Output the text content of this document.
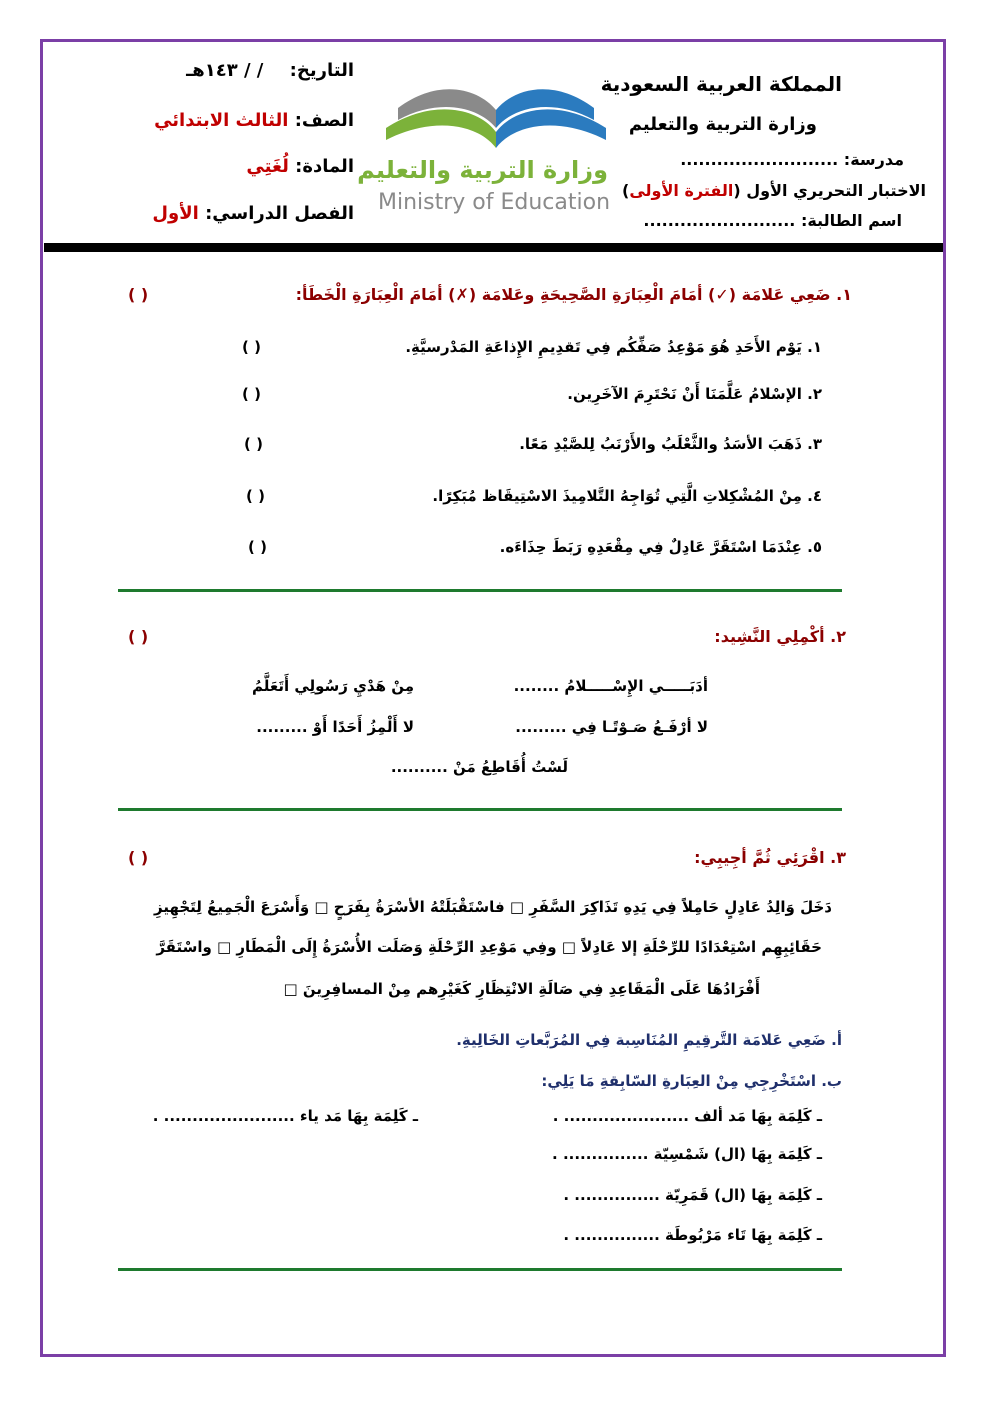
المملكة العربية السعودية
وزارة التربية والتعليم
مدرسة: ..........................
الاختبار التحريري الأول (الفترة الأولى)
اسم الطالبة: .........................
وزارة التربية والتعليم
Ministry of Education
التاريخ: / / ١٤٣هـ
الصف: الثالث الابتدائي
المادة: لُغَتِي
الفصل الدراسي: الأول
١. ضَعِي عَلامَة (✓) أمَامَ الْعِبَارَةِ الصَّحِيحَةِ وعَلامَة (✗) أمَامَ الْعِبَارَةِ الْخَطَأ:
( )
١. يَوْم الأَحَدِ هُوَ مَوْعِدُ صَفِّكُم فِي تَقدِيمِ الإِذاعَةِ المَدْرسيَّةِ.
( )
٢. الإسْلامُ عَلَّمَنَا أَنْ نَحْتَرِمَ الآخَرِين.
( )
٣. ذَهَبَ الأسَدُ والثَّعْلَبُ والأَرْنَبُ لِلصَّيْدِ مَعًا.
( )
٤. مِنْ المُشْكِلاتِ الَّتِي تُوَاجِهُ التَّلامِيذَ الاسْتِيقَاظ مُبَكِرًا.
( )
٥. عِنْدَمَا اسْتَقَرَّ عَادِلٌ فِي مِقْعَدِهِ رَبَطَ حِذَاءَه.
( )
٢. أكْمِلِي النَّشِيد:
( )
أدَبَـــــي الإِسْـــــلامُ ........
مِنْ هَدْيِ رَسُولِي أَتَعَلَّمُ
لا أرْفَـعُ صَـوْتًـا فِي .........
لا أَلْمِزُ أَحَدًا أَوْ .........
لَسْتُ أُقَاطِعُ مَنْ ..........
٣. اقْرَئِي ثُمَّ أجِيبِي:
( )
دَخَلَ وَالِدُ عَادِلٍ حَامِلاً فِي يَدِهِ تَذَاكِرَ السَّفَرِ □ فاسْتَقْبَلَتْهُ الأسْرَةُ بِفَرَحٍ □ وَأَسْرَعَ الْجَمِيعُ لِتَجْهِيزِ
حَقَائِبِهِم اسْتِعْدَادًا للرِّحْلَةِ إلا عَادِلاً □ وفِي مَوْعِدِ الرِّحْلَةِ وَصَلَت الأُسْرَةُ إِلَى الْمَطَارِ □ واسْتَقَرَّ
أَفْرَادُهَا عَلَى الْمَقَاعِدِ فِي صَالَةِ الانْتِظَارِ كَغَيْرِهم مِنْ المسافِرِينَ □
أ. ضَعِي عَلامَة التَّرقِيمِ المُنَاسِبة فِي المُرَبَّعاتِ الخَالِيةِ.
ب. اسْتَخْرِجِي مِنْ العِبَارةِ السّابِقةِ مَا يَلِي:
ـ كَلِمَة بِهَا مَد ألف ...................... .
ـ كَلِمَة بِهَا مَد ياء ....................... .
ـ كَلِمَة بِهَا (ال) شَمْسِيّة ............... .
ـ كَلِمَة بِهَا (ال) قَمَرِيّة ............... .
ـ كَلِمَة بِهَا تَاء مَرْبُوطَة ............... .
